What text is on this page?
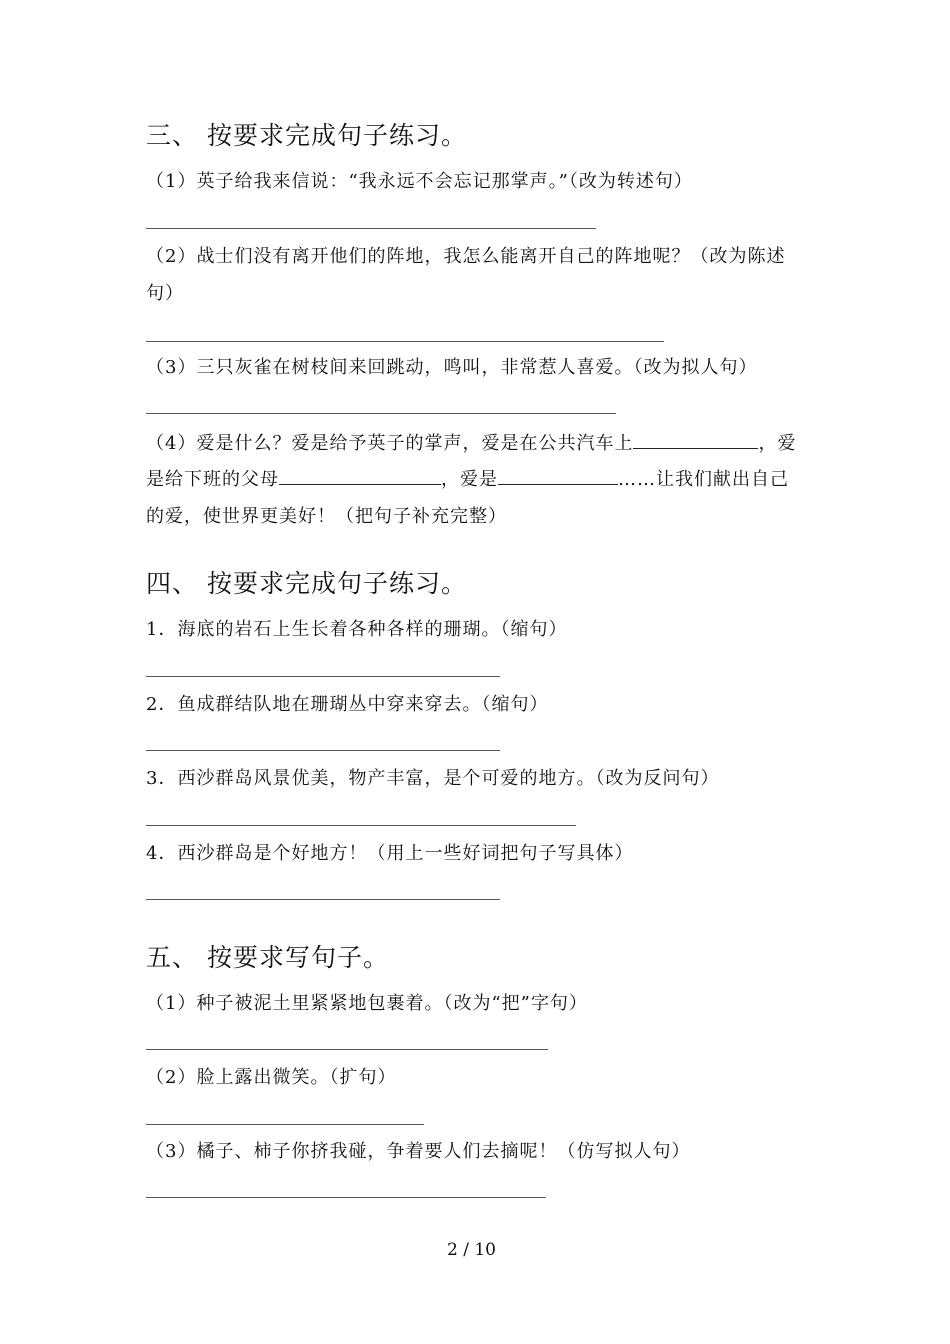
三、 按要求完成句子练习。
（1）英子给我来信说：“我永远不会忘记那掌声。”（改为转述句）
（2）战士们没有离开他们的阵地，我怎么能离开自己的阵地呢？（改为陈述
句）
（3）三只灰雀在树枝间来回跳动，鸣叫，非常惹人喜爱。（改为拟人句）
（4）爱是什么？爱是给予英子的掌声，爱是在公共汽车上	，爱
是给下班的父母	，爱是	……让我们献出自己
的爱，使世界更美好！（把句子补充完整）
四、 按要求完成句子练习。
1．海底的岩石上生长着各种各样的珊瑚。（缩句）
2．鱼成群结队地在珊瑚丛中穿来穿去。（缩句）
3．西沙群岛风景优美，物产丰富，是个可爱的地方。（改为反问句）
4．西沙群岛是个好地方！（用上一些好词把句子写具体）
五、 按要求写句子。
（1）种子被泥土里紧紧地包裹着。（改为“把”字句）
（2）脸上露出微笑。（扩句）
（3）橘子、柿子你挤我碰，争着要人们去摘呢！（仿写拟人句）
2 / 10
